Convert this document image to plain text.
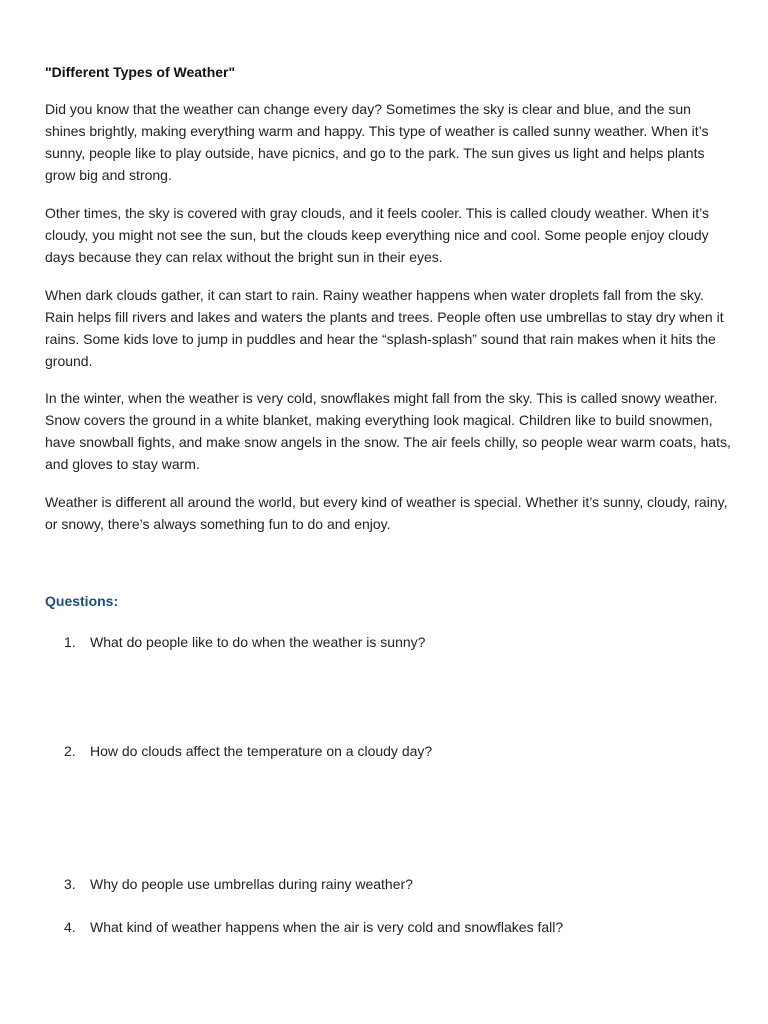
"Different Types of Weather"

Did you know that the weather can change every day? Sometimes the sky is clear and blue, and the sun shines brightly, making everything warm and happy. This type of weather is called sunny weather. When it’s sunny, people like to play outside, have picnics, and go to the park. The sun gives us light and helps plants grow big and strong.

Other times, the sky is covered with gray clouds, and it feels cooler. This is called cloudy weather. When it’s cloudy, you might not see the sun, but the clouds keep everything nice and cool. Some people enjoy cloudy days because they can relax without the bright sun in their eyes.

When dark clouds gather, it can start to rain. Rainy weather happens when water droplets fall from the sky. Rain helps fill rivers and lakes and waters the plants and trees. People often use umbrellas to stay dry when it rains. Some kids love to jump in puddles and hear the “splash-splash” sound that rain makes when it hits the ground.

In the winter, when the weather is very cold, snowflakes might fall from the sky. This is called snowy weather. Snow covers the ground in a white blanket, making everything look magical. Children like to build snowmen, have snowball fights, and make snow angels in the snow. The air feels chilly, so people wear warm coats, hats, and gloves to stay warm.

Weather is different all around the world, but every kind of weather is special. Whether it’s sunny, cloudy, rainy, or snowy, there’s always something fun to do and enjoy.

Questions:

1.	What do people like to do when the weather is sunny?
2.	How do clouds affect the temperature on a cloudy day?
3.	Why do people use umbrellas during rainy weather?
4.	What kind of weather happens when the air is very cold and snowflakes fall?
